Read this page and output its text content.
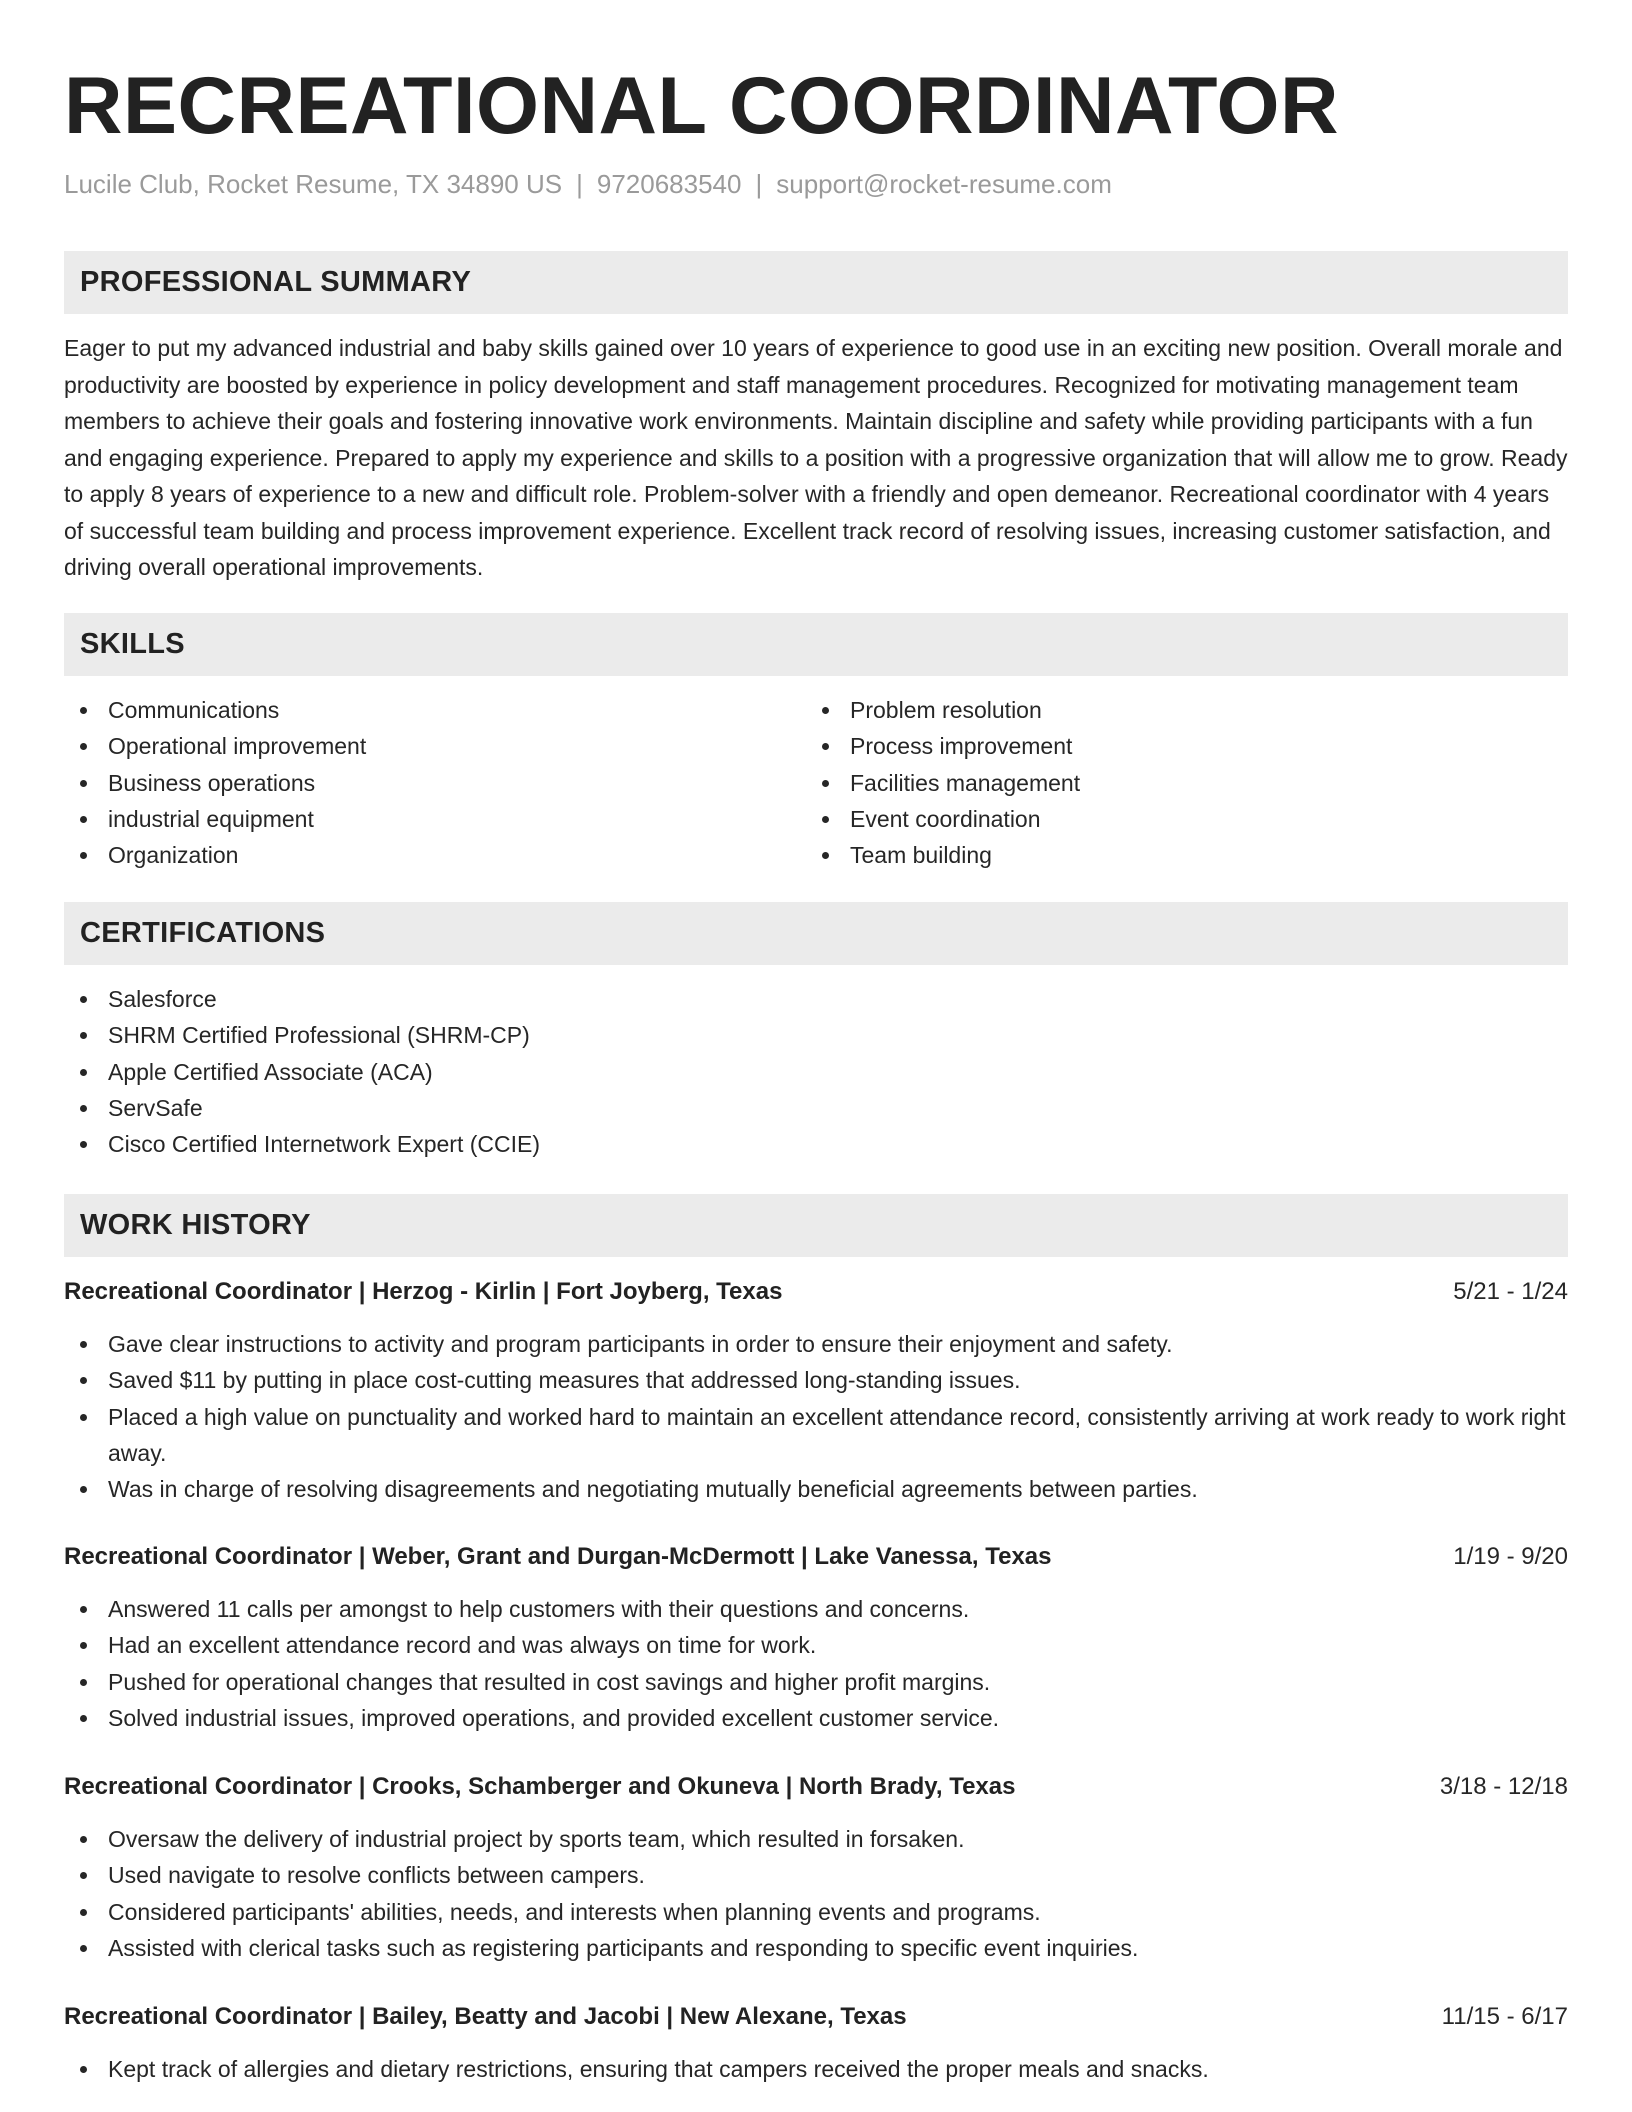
RECREATIONAL COORDINATOR
Lucile Club, Rocket Resume, TX 34890 US | 9720683540 | support@rocket-resume.com
PROFESSIONAL SUMMARY
Eager to put my advanced industrial and baby skills gained over 10 years of experience to good use in an exciting new position. Overall morale and productivity are boosted by experience in policy development and staff management procedures. Recognized for motivating management team members to achieve their goals and fostering innovative work environments. Maintain discipline and safety while providing participants with a fun and engaging experience. Prepared to apply my experience and skills to a position with a progressive organization that will allow me to grow. Ready to apply 8 years of experience to a new and difficult role. Problem-solver with a friendly and open demeanor. Recreational coordinator with 4 years of successful team building and process improvement experience. Excellent track record of resolving issues, increasing customer satisfaction, and driving overall operational improvements.
SKILLS
Communications
Operational improvement
Business operations
industrial equipment
Organization
Problem resolution
Process improvement
Facilities management
Event coordination
Team building
CERTIFICATIONS
Salesforce
SHRM Certified Professional (SHRM-CP)
Apple Certified Associate (ACA)
ServSafe
Cisco Certified Internetwork Expert (CCIE)
WORK HISTORY
Recreational Coordinator | Herzog - Kirlin | Fort Joyberg, Texas	5/21 - 1/24
Gave clear instructions to activity and program participants in order to ensure their enjoyment and safety.
Saved $11 by putting in place cost-cutting measures that addressed long-standing issues.
Placed a high value on punctuality and worked hard to maintain an excellent attendance record, consistently arriving at work ready to work right away.
Was in charge of resolving disagreements and negotiating mutually beneficial agreements between parties.
Recreational Coordinator | Weber, Grant and Durgan-McDermott | Lake Vanessa, Texas	1/19 - 9/20
Answered 11 calls per amongst to help customers with their questions and concerns.
Had an excellent attendance record and was always on time for work.
Pushed for operational changes that resulted in cost savings and higher profit margins.
Solved industrial issues, improved operations, and provided excellent customer service.
Recreational Coordinator | Crooks, Schamberger and Okuneva | North Brady, Texas	3/18 - 12/18
Oversaw the delivery of industrial project by sports team, which resulted in forsaken.
Used navigate to resolve conflicts between campers.
Considered participants' abilities, needs, and interests when planning events and programs.
Assisted with clerical tasks such as registering participants and responding to specific event inquiries.
Recreational Coordinator | Bailey, Beatty and Jacobi | New Alexane, Texas	11/15 - 6/17
Kept track of allergies and dietary restrictions, ensuring that campers received the proper meals and snacks.
